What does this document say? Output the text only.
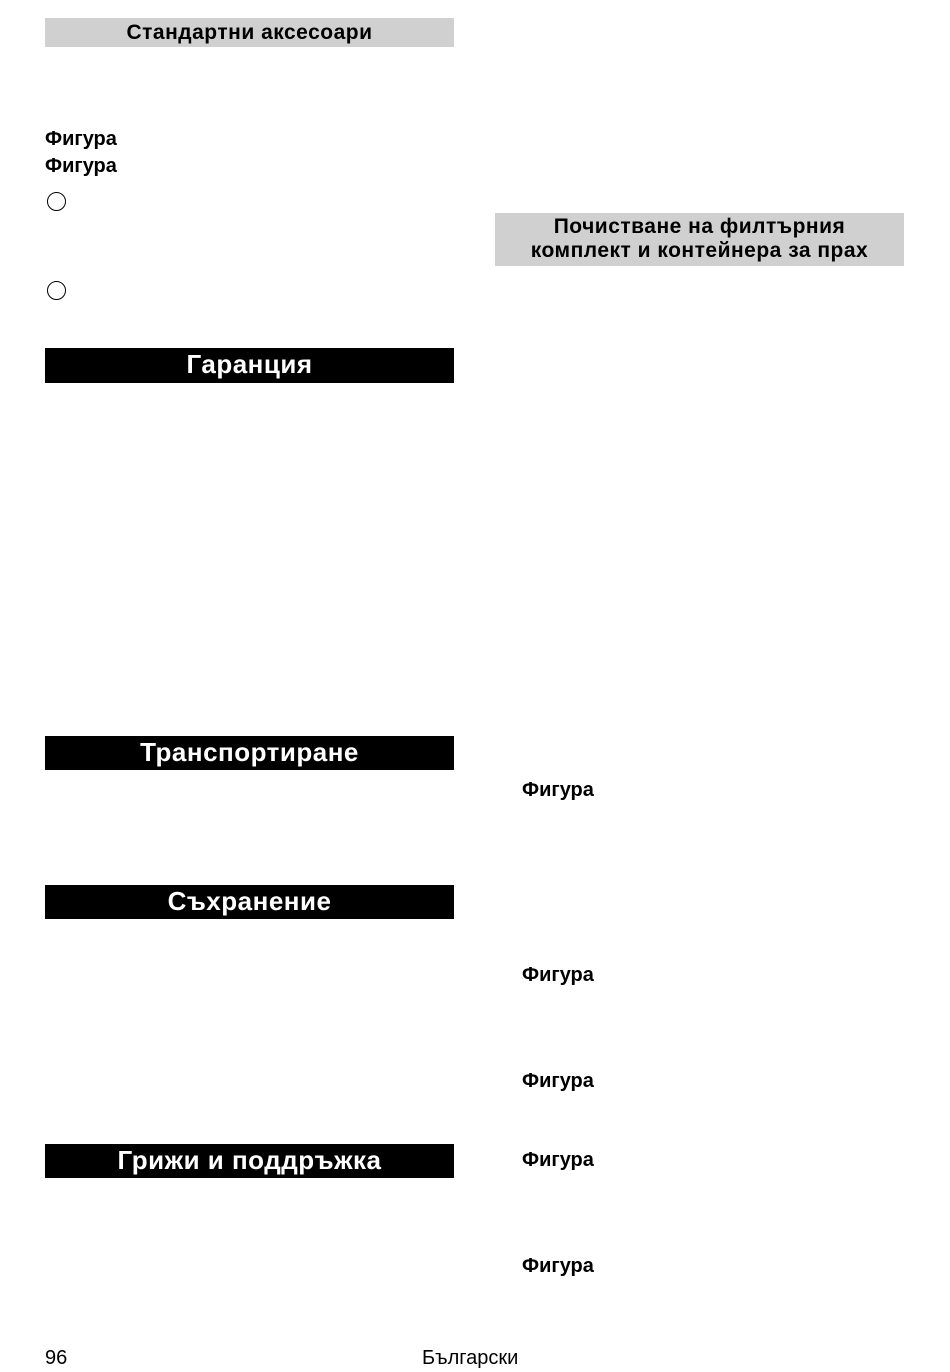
Стандартни аксесоари
Фигура
Фигура
Гаранция
Транспортиране
Съхранение
Грижи и поддръжка
Почистване на филтърния
комплект и контейнера за прах
Фигура
Фигура
Фигура
Фигура
Фигура
96	Български
